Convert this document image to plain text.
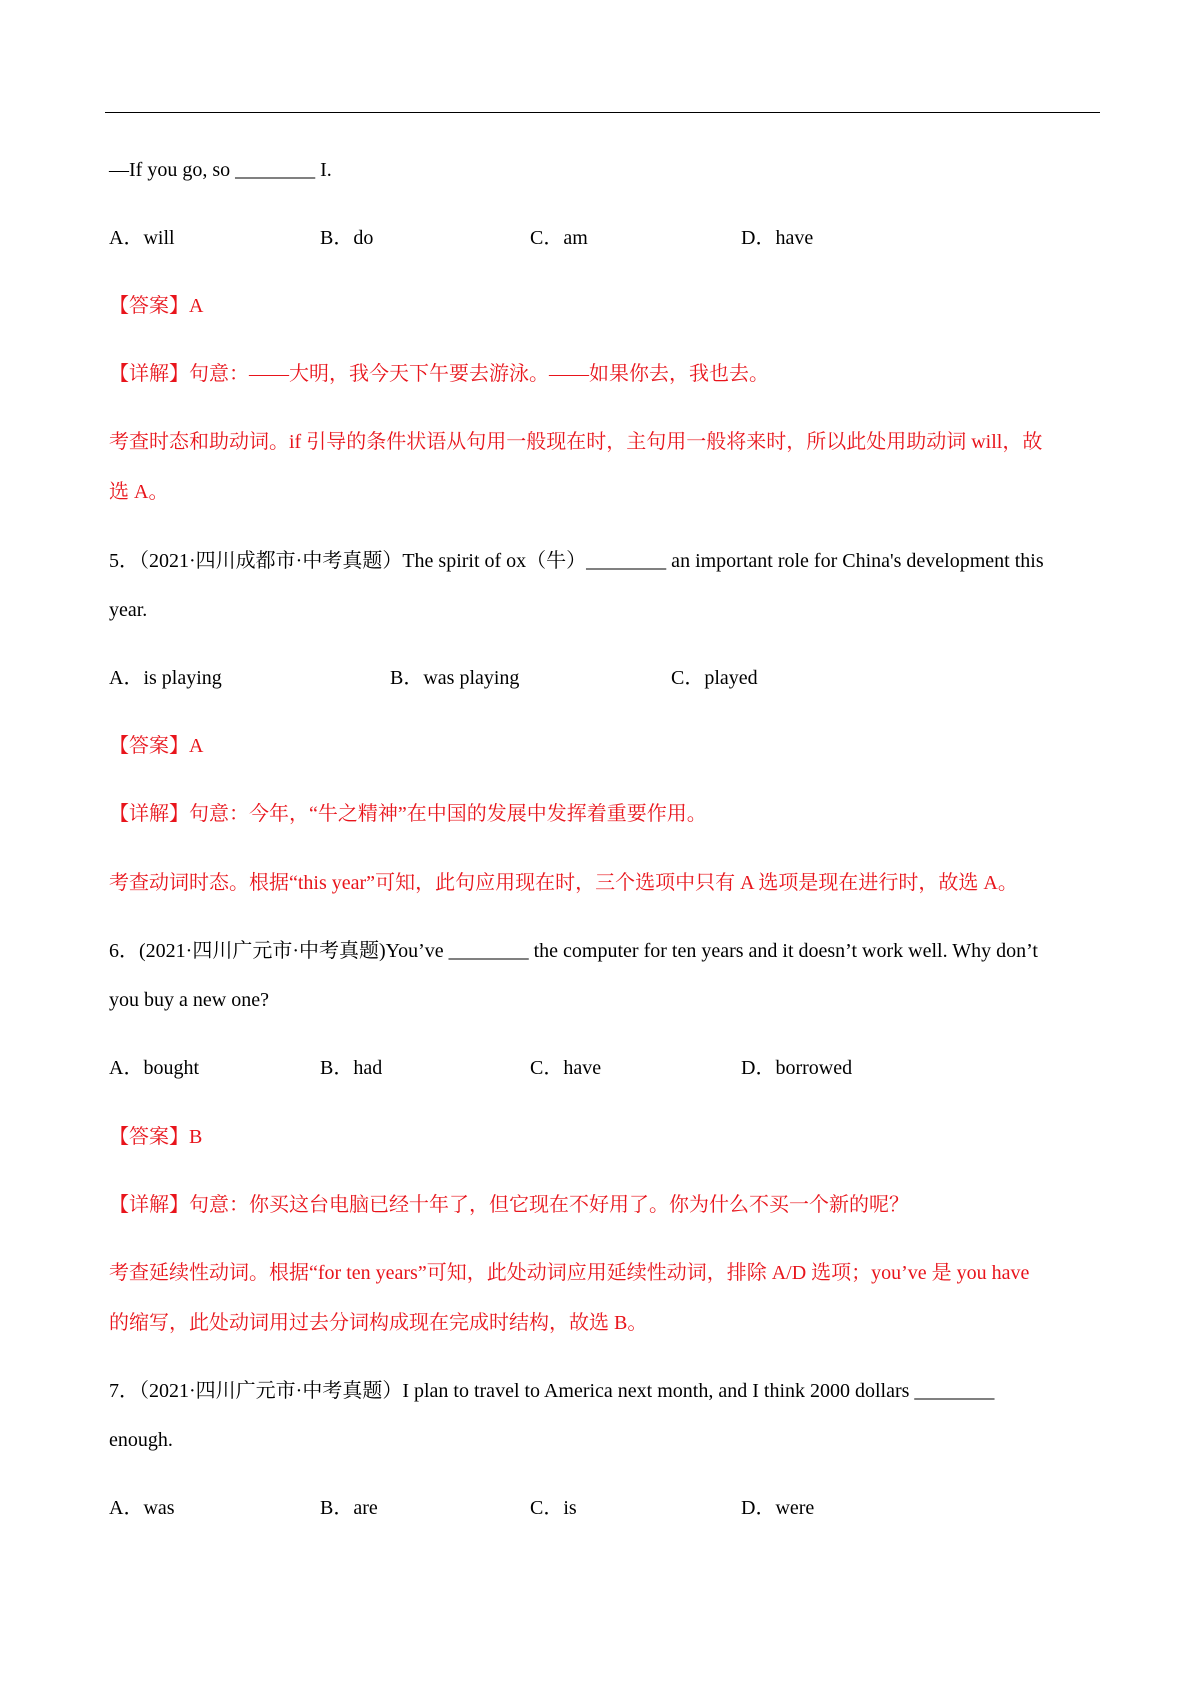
—If you go, so ________ I.
A．will	B．do	C．am	D．have
【答案】A
【详解】句意：——大明，我今天下午要去游泳。——如果你去，我也去。
考查时态和助动词。if 引导的条件状语从句用一般现在时，主句用一般将来时，所以此处用助动词 will，故
选 A。
5．（2021·四川成都市·中考真题）The spirit of ox（牛）________ an important role for China's development this
year.
A．is playing	B．was playing	C．played
【答案】A
【详解】句意：今年，“牛之精神”在中国的发展中发挥着重要作用。
考查动词时态。根据“this year”可知，此句应用现在时，三个选项中只有 A 选项是现在进行时，故选 A。
6．(2021·四川广元市·中考真题)You’ve ________ the computer for ten years and it doesn’t work well. Why don’t
you buy a new one?
A．bought	B．had	C．have	D．borrowed
【答案】B
【详解】句意：你买这台电脑已经十年了，但它现在不好用了。你为什么不买一个新的呢？
考查延续性动词。根据“for ten years”可知，此处动词应用延续性动词，排除 A/D 选项；you’ve 是 you have
的缩写，此处动词用过去分词构成现在完成时结构，故选 B。
7．（2021·四川广元市·中考真题）I plan to travel to America next month, and I think 2000 dollars ________
enough.
A．was	B．are	C．is	D．were
